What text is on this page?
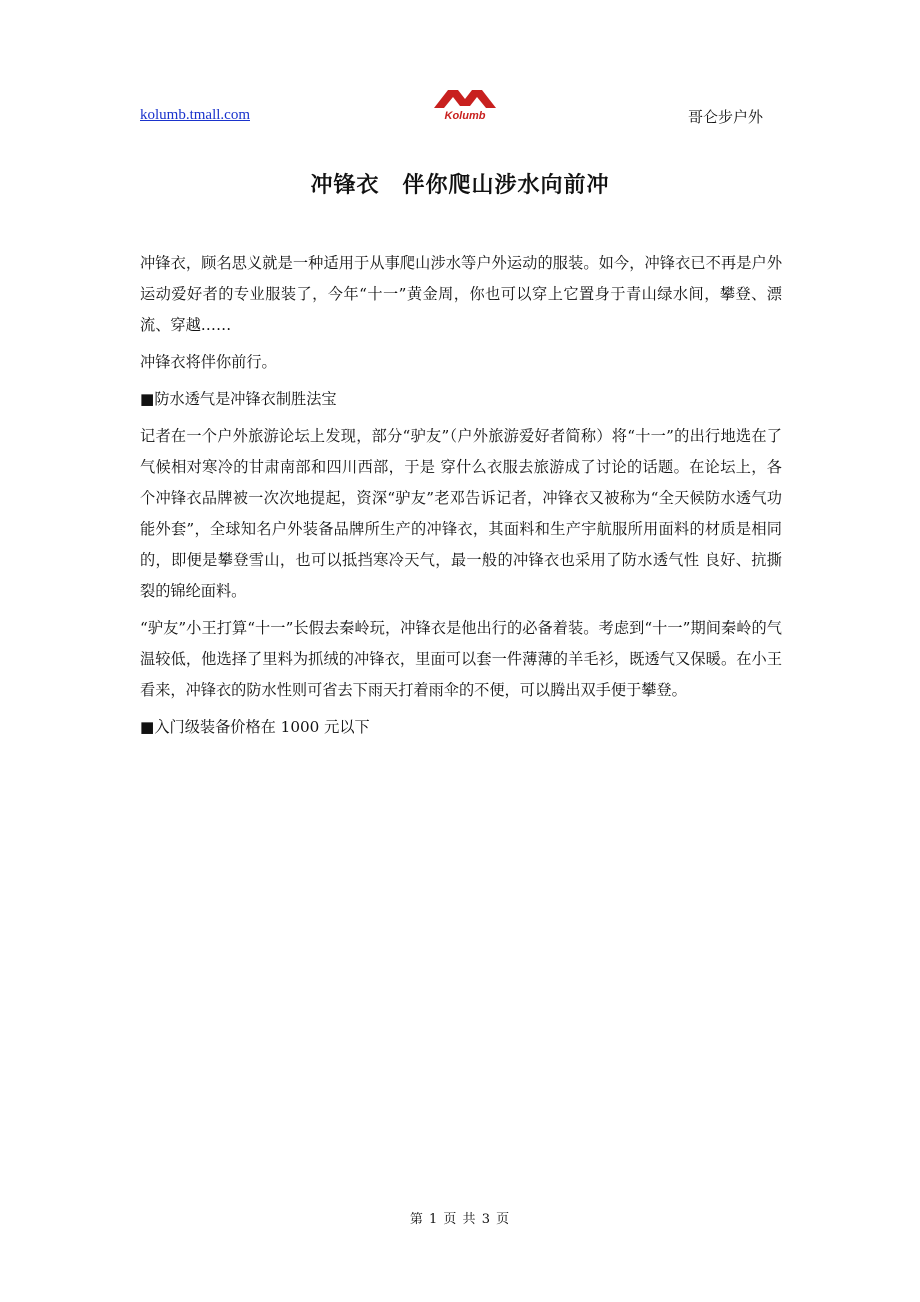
kolumb.tmall.com	Kolumb	哥仑步户外
冲锋衣　伴你爬山涉水向前冲

冲锋衣，顾名思义就是一种适用于从事爬山涉水等户外运动的服装。如今，冲锋衣已不再是户外运动爱好者的专业服装了，今年“十一”黄金周，你也可以穿上它置身于青山绿水间，攀登、漂流、穿越……

冲锋衣将伴你前行。

■防水透气是冲锋衣制胜法宝

记者在一个户外旅游论坛上发现，部分“驴友”（户外旅游爱好者简称）将“十一”的出行地选在了气候相对寒冷的甘肃南部和四川西部，于是 穿什么衣服去旅游成了讨论的话题。在论坛上，各个冲锋衣品牌被一次次地提起，资深“驴友”老邓告诉记者，冲锋衣又被称为“全天候防水透气功能外套”，全球知名户外装备品牌所生产的冲锋衣，其面料和生产宇航服所用面料的材质是相同的，即便是攀登雪山，也可以抵挡寒冷天气，最一般的冲锋衣也采用了防水透气性 良好、抗撕裂的锦纶面料。

“驴友”小王打算“十一”长假去秦岭玩，冲锋衣是他出行的必备着装。考虑到“十一”期间秦岭的气温较低，他选择了里料为抓绒的冲锋衣，里面可以套一件薄薄的羊毛衫，既透气又保暖。在小王看来，冲锋衣的防水性则可省去下雨天打着雨伞的不便，可以腾出双手便于攀登。

■入门级装备价格在 1000 元以下

第 1 页 共 3 页
